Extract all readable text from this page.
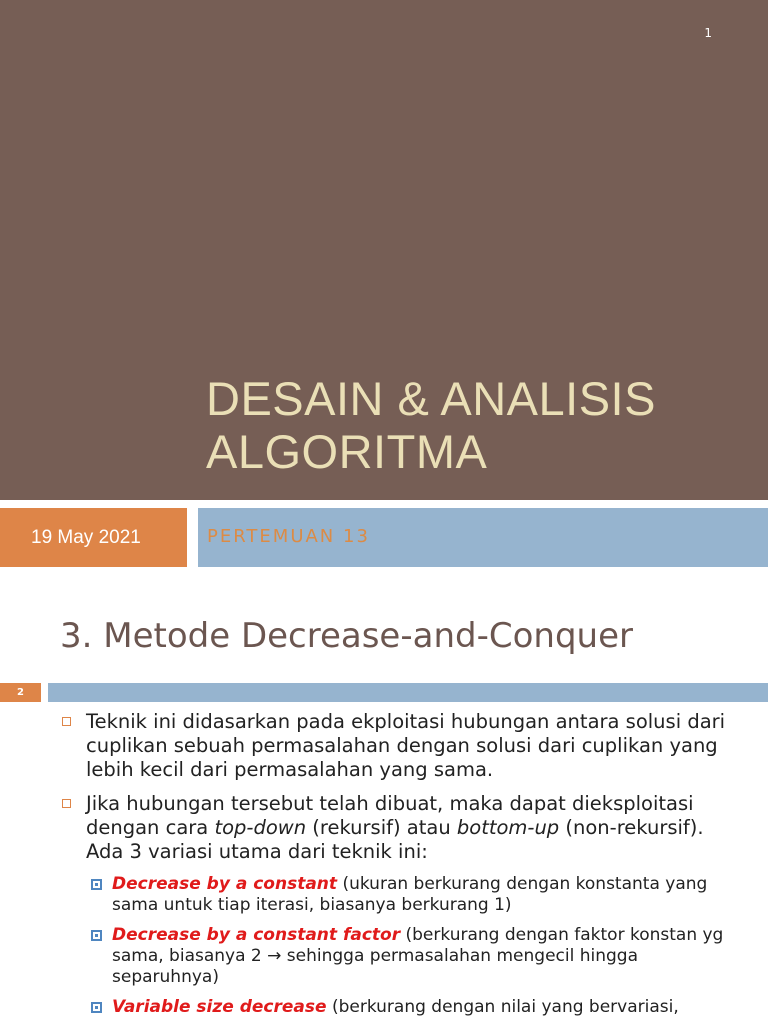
1
DESAIN & ANALISIS
ALGORITMA
19 May 2021	PERTEMUAN 13
3. Metode Decrease-and-Conquer
2
Teknik ini didasarkan pada ekploitasi hubungan antara solusi dari cuplikan sebuah permasalahan dengan solusi dari cuplikan yang lebih kecil dari permasalahan yang sama.
Jika hubungan tersebut telah dibuat, maka dapat dieksploitasi dengan cara top-down (rekursif) atau bottom-up (non-rekursif). Ada 3 variasi utama dari teknik ini:
Decrease by a constant (ukuran berkurang dengan konstanta yang sama untuk tiap iterasi, biasanya berkurang 1)
Decrease by a constant factor (berkurang dengan faktor konstan yg sama, biasanya 2 → sehingga permasalahan mengecil hingga separuhnya)
Variable size decrease (berkurang dengan nilai yang bervariasi,
